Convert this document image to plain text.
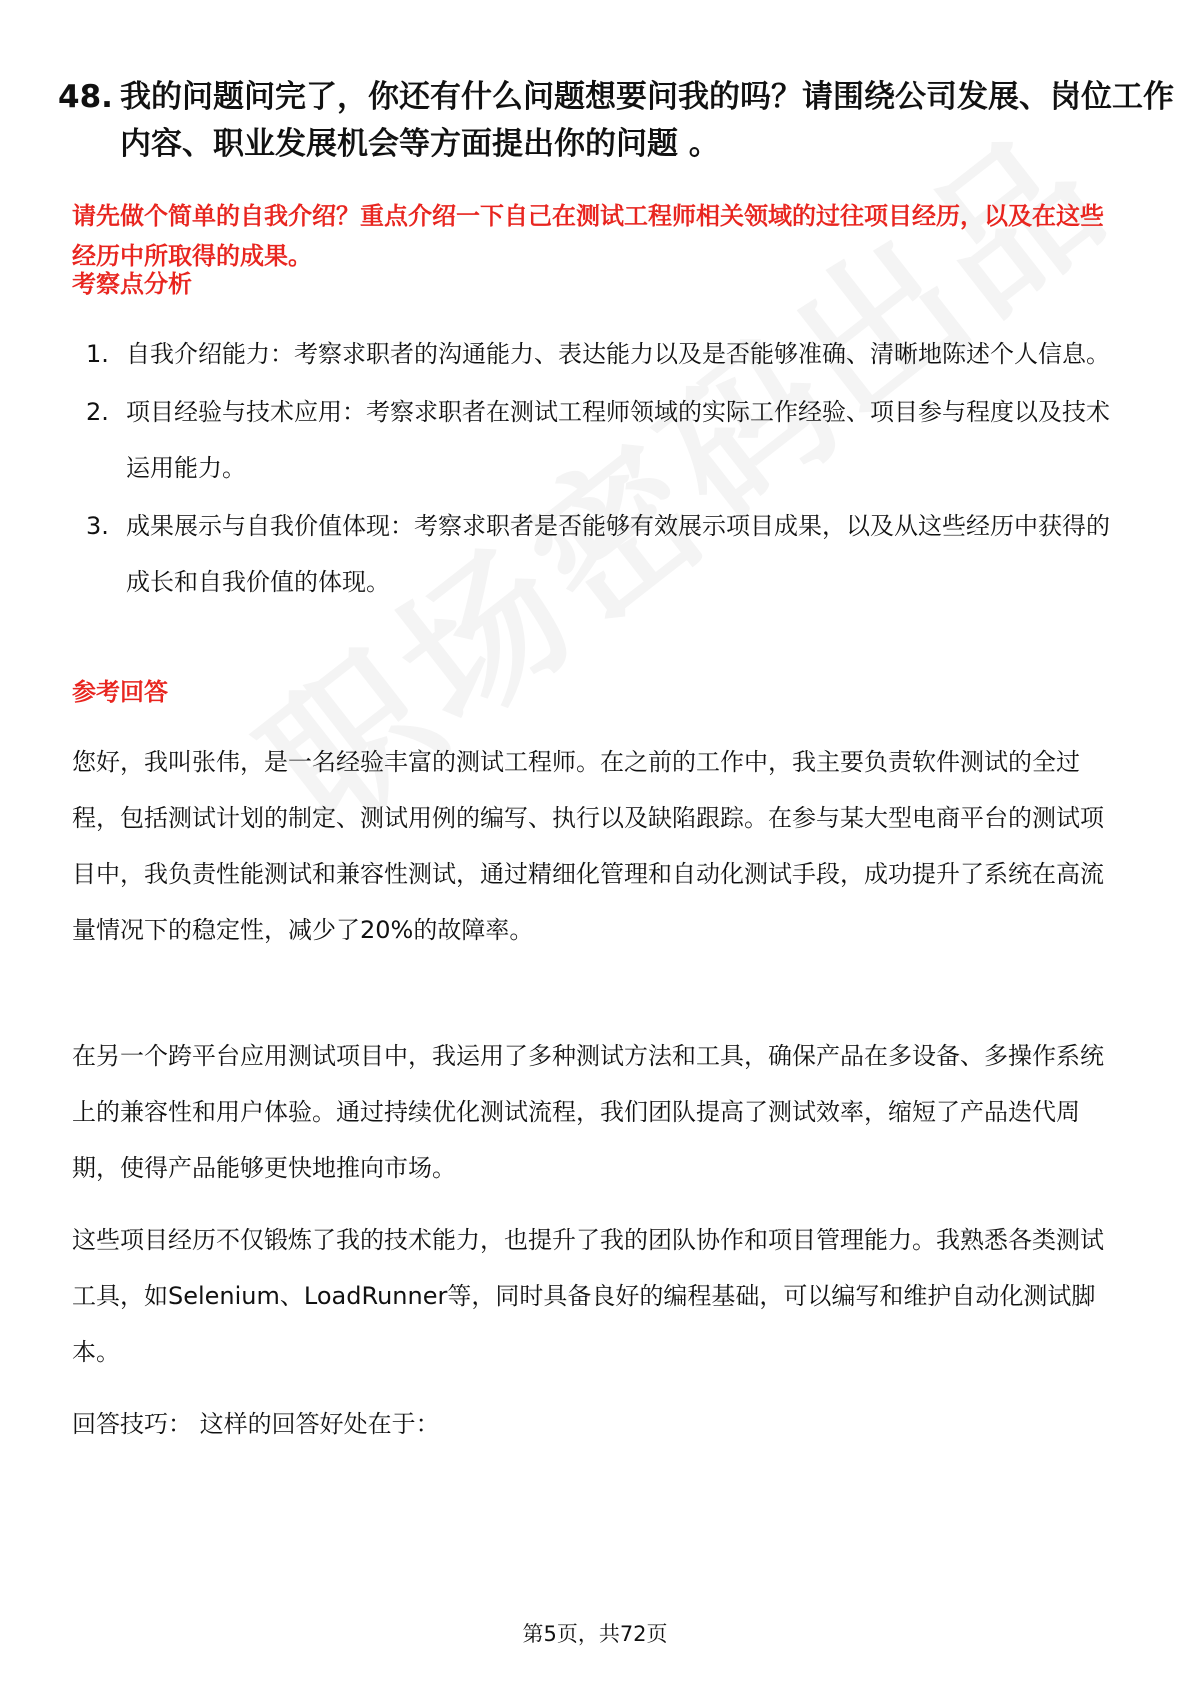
48. 我的问题问完了，你还有什么问题想要问我的吗？请围绕公司发展、岗位工作内容、职业发展机会等方面提出你的问题 。
请先做个简单的自我介绍？重点介绍一下自己在测试工程师相关领域的过往项目经历，以及在这些经历中所取得的成果。
考察点分析
1. 自我介绍能力：考察求职者的沟通能力、表达能力以及是否能够准确、清晰地陈述个人信息。
2. 项目经验与技术应用：考察求职者在测试工程师领域的实际工作经验、项目参与程度以及技术运用能力。
3. 成果展示与自我价值体现：考察求职者是否能够有效展示项目成果，以及从这些经历中获得的成长和自我价值的体现。
参考回答
您好，我叫张伟，是一名经验丰富的测试工程师。在之前的工作中，我主要负责软件测试的全过程，包括测试计划的制定、测试用例的编写、执行以及缺陷跟踪。在参与某大型电商平台的测试项目中，我负责性能测试和兼容性测试，通过精细化管理和自动化测试手段，成功提升了系统在高流量情况下的稳定性，减少了20%的故障率。
在另一个跨平台应用测试项目中，我运用了多种测试方法和工具，确保产品在多设备、多操作系统上的兼容性和用户体验。通过持续优化测试流程，我们团队提高了测试效率，缩短了产品迭代周期，使得产品能够更快地推向市场。
这些项目经历不仅锻炼了我的技术能力，也提升了我的团队协作和项目管理能力。我熟悉各类测试工具，如Selenium、LoadRunner等，同时具备良好的编程基础，可以编写和维护自动化测试脚本。
回答技巧： 这样的回答好处在于：
第5页，共72页
